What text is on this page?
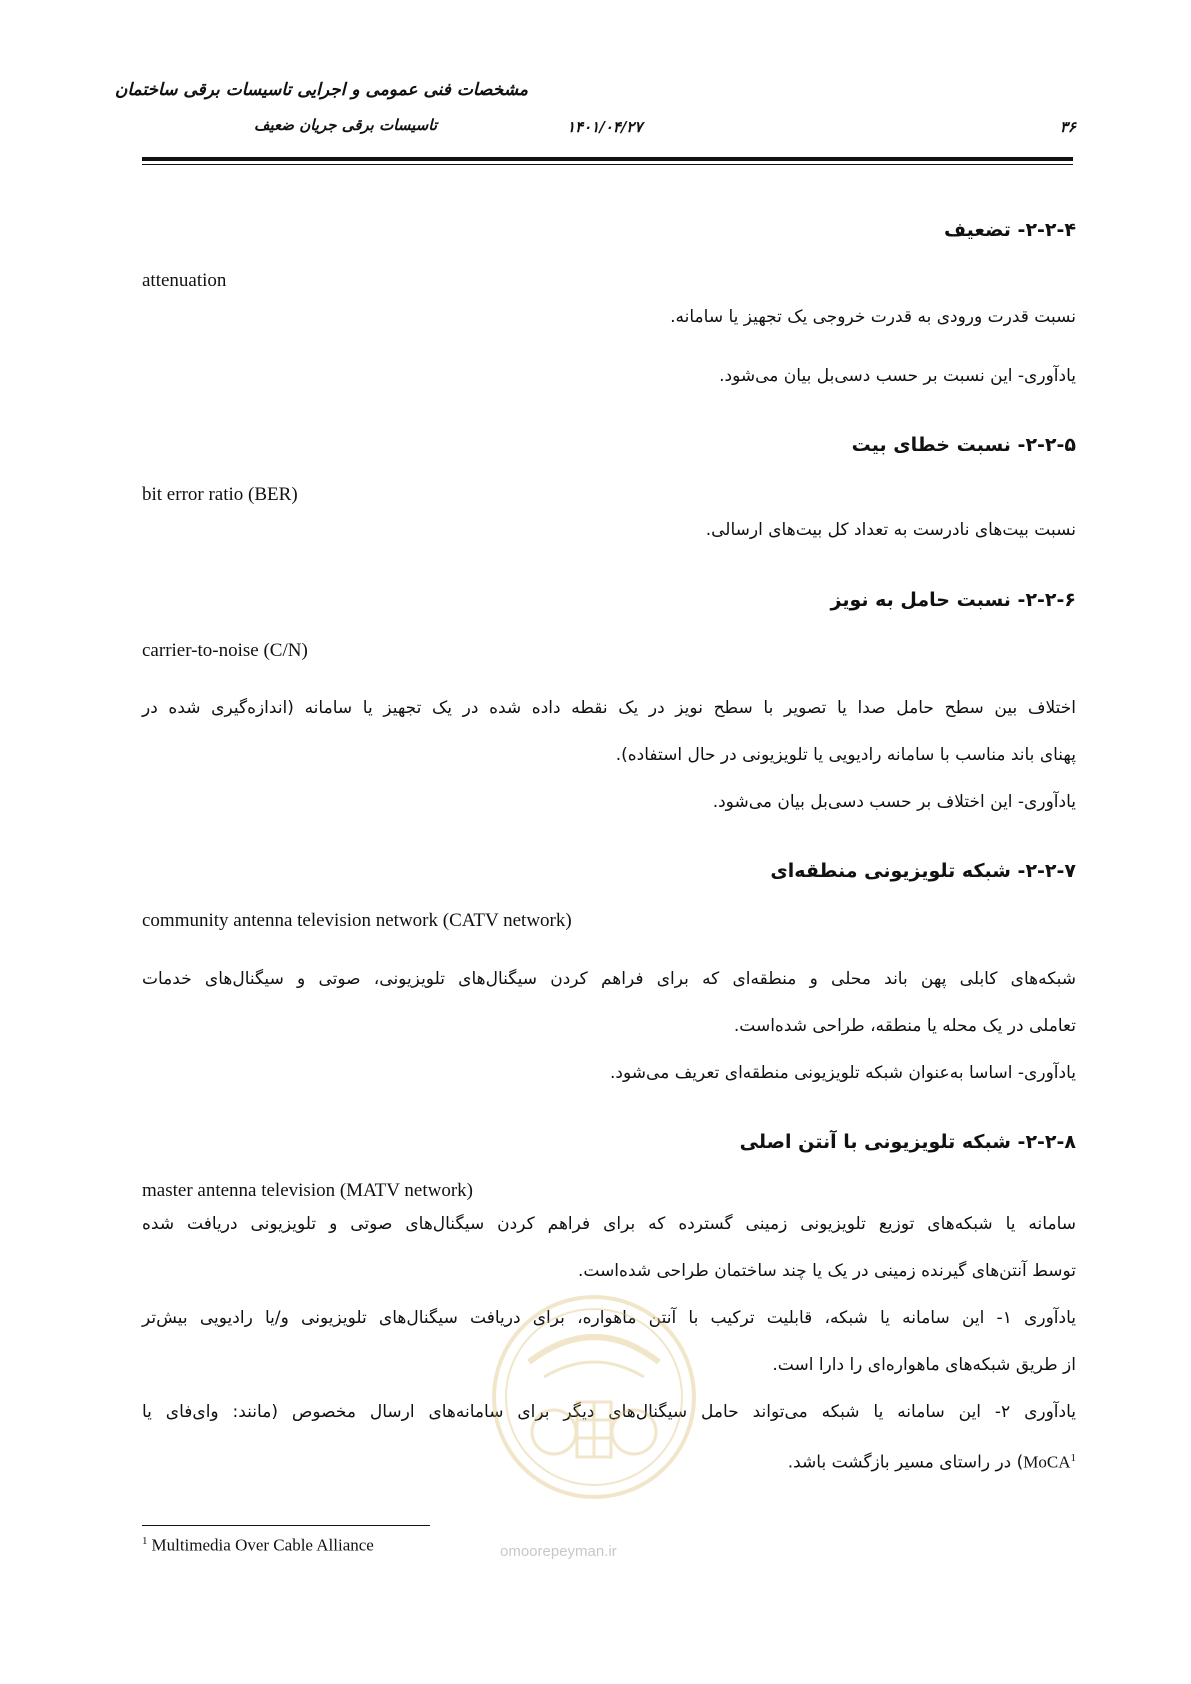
مشخصات فنی عمومی و اجرایی تاسیسات برقی ساختمان
تاسیسات برقی جریان ضعیف	۱۴۰۱/۰۴/۲۷	۳۶
۲-۲-۴- تضعیف
attenuation
نسبت قدرت ورودی به قدرت خروجی یک تجهیز یا سامانه.
یادآوری- این نسبت بر حسب دسی‌بل بیان می‌شود.
۲-۲-۵- نسبت خطای بیت
bit error ratio (BER)
نسبت بیت‌های نادرست به تعداد کل بیت‌های ارسالی.
۲-۲-۶- نسبت حامل به نویز
carrier-to-noise (C/N)
اختلاف بین سطح حامل صدا یا تصویر با سطح نویز در یک نقطه داده شده در یک تجهیز یا سامانه (اندازه‌گیری شده در
پهنای باند مناسب با سامانه رادیویی یا تلویزیونی در حال استفاده).
یادآوری- این اختلاف بر حسب دسی‌بل بیان می‌شود.
۲-۲-۷- شبکه تلویزیونی منطقه‌ای
community antenna television network (CATV network)
شبکه‌های کابلی پهن باند محلی و منطقه‌ای که برای فراهم کردن سیگنال‌های تلویزیونی، صوتی و سیگنال‌های خدمات
تعاملی در یک محله یا منطقه، طراحی شده‌است.
یادآوری- اساسا به‌عنوان شبکه تلویزیونی منطقه‌ای تعریف می‌شود.
۲-۲-۸- شبکه تلویزیونی با آنتن اصلی
master antenna television (MATV network)
سامانه یا شبکه‌های توزیع تلویزیونی زمینی گسترده که برای فراهم کردن سیگنال‌های صوتی و تلویزیونی دریافت شده
توسط آنتن‌های گیرنده زمینی در یک یا چند ساختمان طراحی شده‌است.
یادآوری ۱- این سامانه یا شبکه، قابلیت ترکیب با آنتن ماهواره، برای دریافت سیگنال‌های تلویزیونی و/یا رادیویی بیش‌تر
از طریق شبکه‌های ماهواره‌ای را دارا است.
یادآوری ۲- این سامانه یا شبکه می‌تواند حامل سیگنال‌های دیگر برای سامانه‌های ارسال مخصوص (مانند: وای‌فای یا
MoCA$^1$) در راستای مسیر بازگشت باشد.
omoorepeyman.ir
$^1$ Multimedia Over Cable Alliance
